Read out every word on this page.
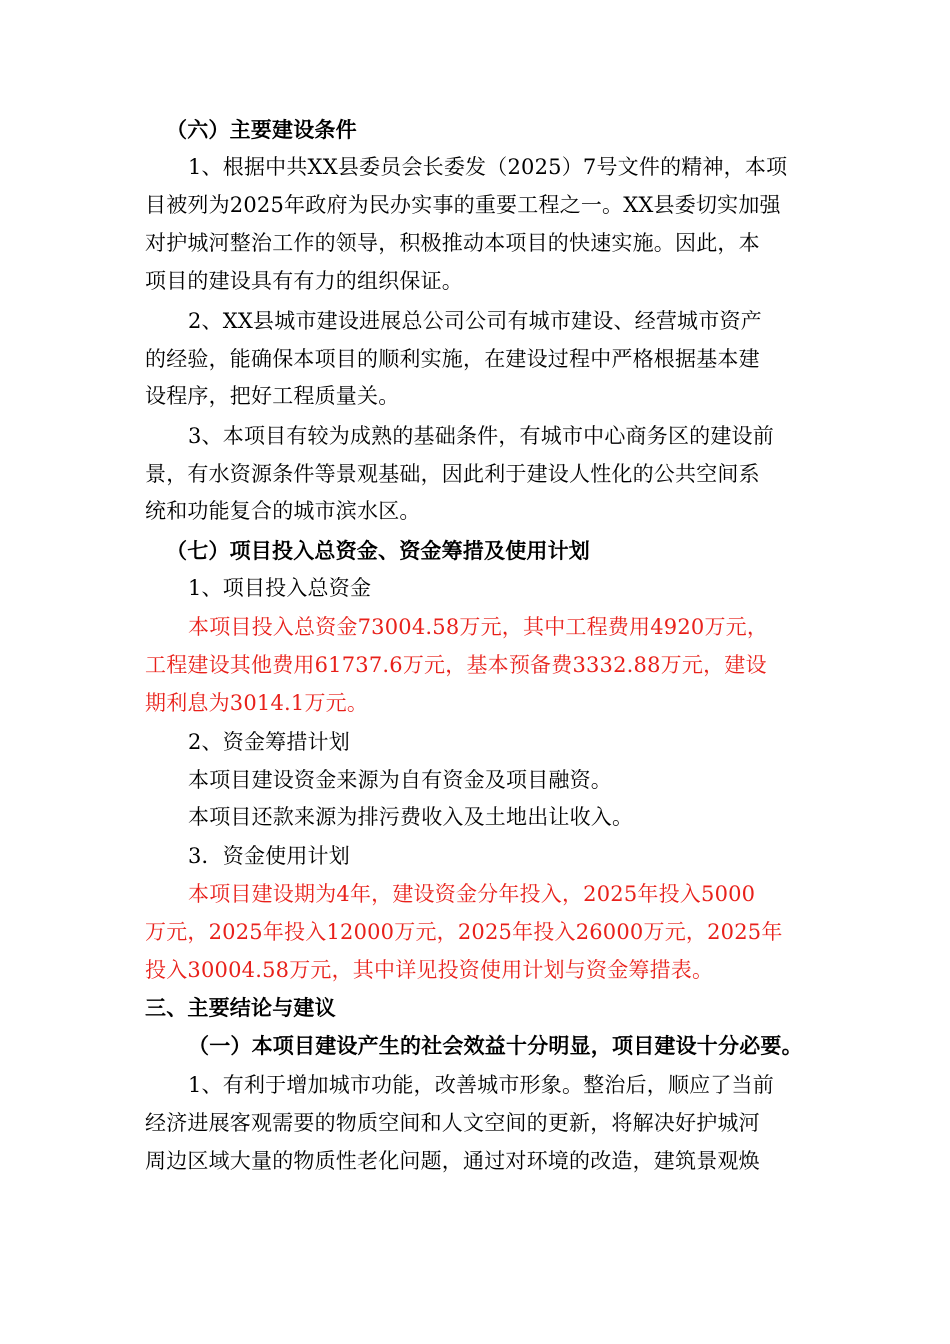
（六）主要建设条件
1、根据中共XX县委员会长委发（2025）7号文件的精神，本项
目被列为2025年政府为民办实事的重要工程之一。XX县委切实加强
对护城河整治工作的领导，积极推动本项目的快速实施。因此，本
项目的建设具有有力的组织保证。
2、XX县城市建设进展总公司公司有城市建设、经营城市资产
的经验，能确保本项目的顺利实施，在建设过程中严格根据基本建
设程序，把好工程质量关。
3、本项目有较为成熟的基础条件，有城市中心商务区的建设前
景，有水资源条件等景观基础，因此利于建设人性化的公共空间系
统和功能复合的城市滨水区。
（七）项目投入总资金、资金筹措及使用计划
1、项目投入总资金
本项目投入总资金73004.58万元，其中工程费用4920万元，
工程建设其他费用61737.6万元，基本预备费3332.88万元，建设
期利息为3014.1万元。
2、资金筹措计划
本项目建设资金来源为自有资金及项目融资。
本项目还款来源为排污费收入及土地出让收入。
3．资金使用计划
本项目建设期为4年，建设资金分年投入，2025年投入5000
万元，2025年投入12000万元，2025年投入26000万元，2025年
投入30004.58万元，其中详见投资使用计划与资金筹措表。
三、主要结论与建议
（一）本项目建设产生的社会效益十分明显，项目建设十分必要。
1、有利于增加城市功能，改善城市形象。整治后，顺应了当前
经济进展客观需要的物质空间和人文空间的更新，将解决好护城河
周边区域大量的物质性老化问题，通过对环境的改造，建筑景观焕
